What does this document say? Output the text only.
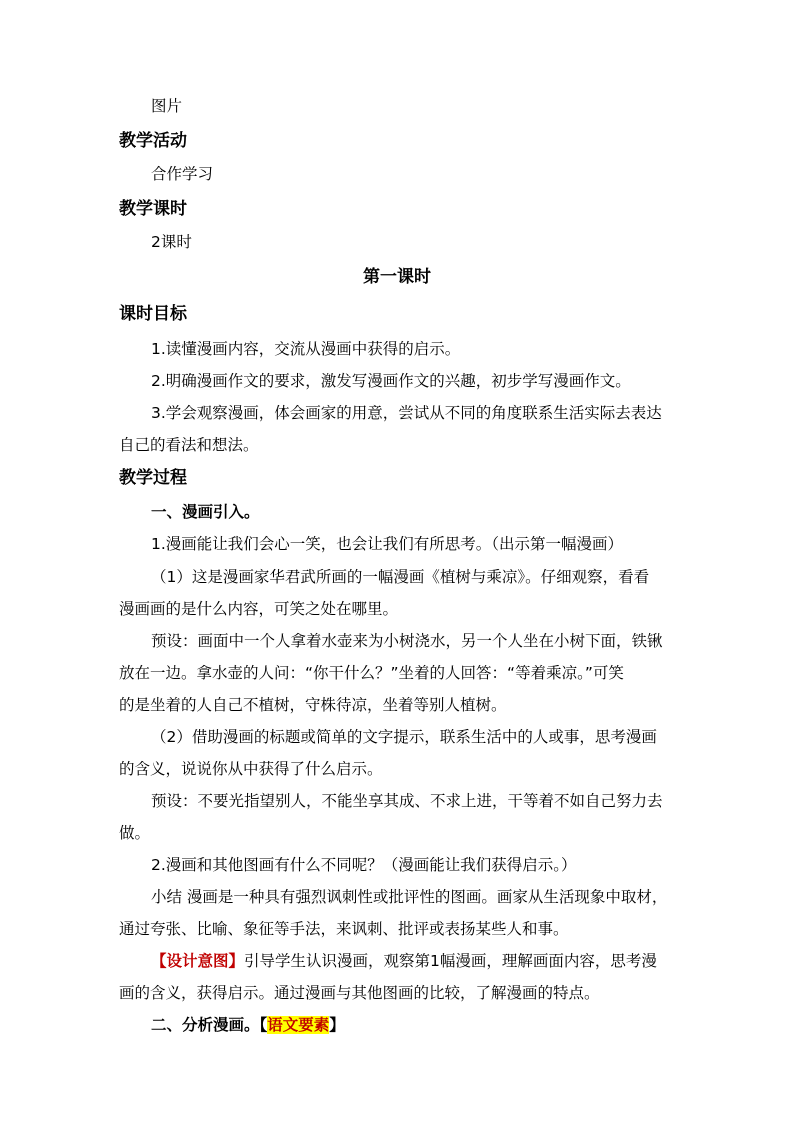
图片
教学活动
合作学习
教学课时
2课时
第一课时
课时目标
1.读懂漫画内容，交流从漫画中获得的启示。
2.明确漫画作文的要求，激发写漫画作文的兴趣，初步学写漫画作文。
3.学会观察漫画，体会画家的用意，尝试从不同的角度联系生活实际去表达
自己的看法和想法。
教学过程
一、漫画引入。
1.漫画能让我们会心一笑，也会让我们有所思考。（出示第一幅漫画）
（1）这是漫画家华君武所画的一幅漫画《植树与乘凉》。仔细观察，看看
漫画画的是什么内容，可笑之处在哪里。
预设：画面中一个人拿着水壶来为小树浇水，另一个人坐在小树下面，铁锹
放在一边。拿水壶的人问：“你干什么？”坐着的人回答：“等着乘凉。”可笑
的是坐着的人自己不植树，守株待凉，坐着等别人植树。
（2）借助漫画的标题或简单的文字提示，联系生活中的人或事，思考漫画
的含义，说说你从中获得了什么启示。
预设：不要光指望别人，不能坐享其成、不求上进，干等着不如自己努力去
做。
2.漫画和其他图画有什么不同呢？（漫画能让我们获得启示。）
小结 漫画是一种具有强烈讽刺性或批评性的图画。画家从生活现象中取材，
通过夸张、比喻、象征等手法，来讽刺、批评或表扬某些人和事。
【设计意图】引导学生认识漫画，观察第1幅漫画，理解画面内容，思考漫
画的含义，获得启示。通过漫画与其他图画的比较，了解漫画的特点。
二、分析漫画。【语文要素】
